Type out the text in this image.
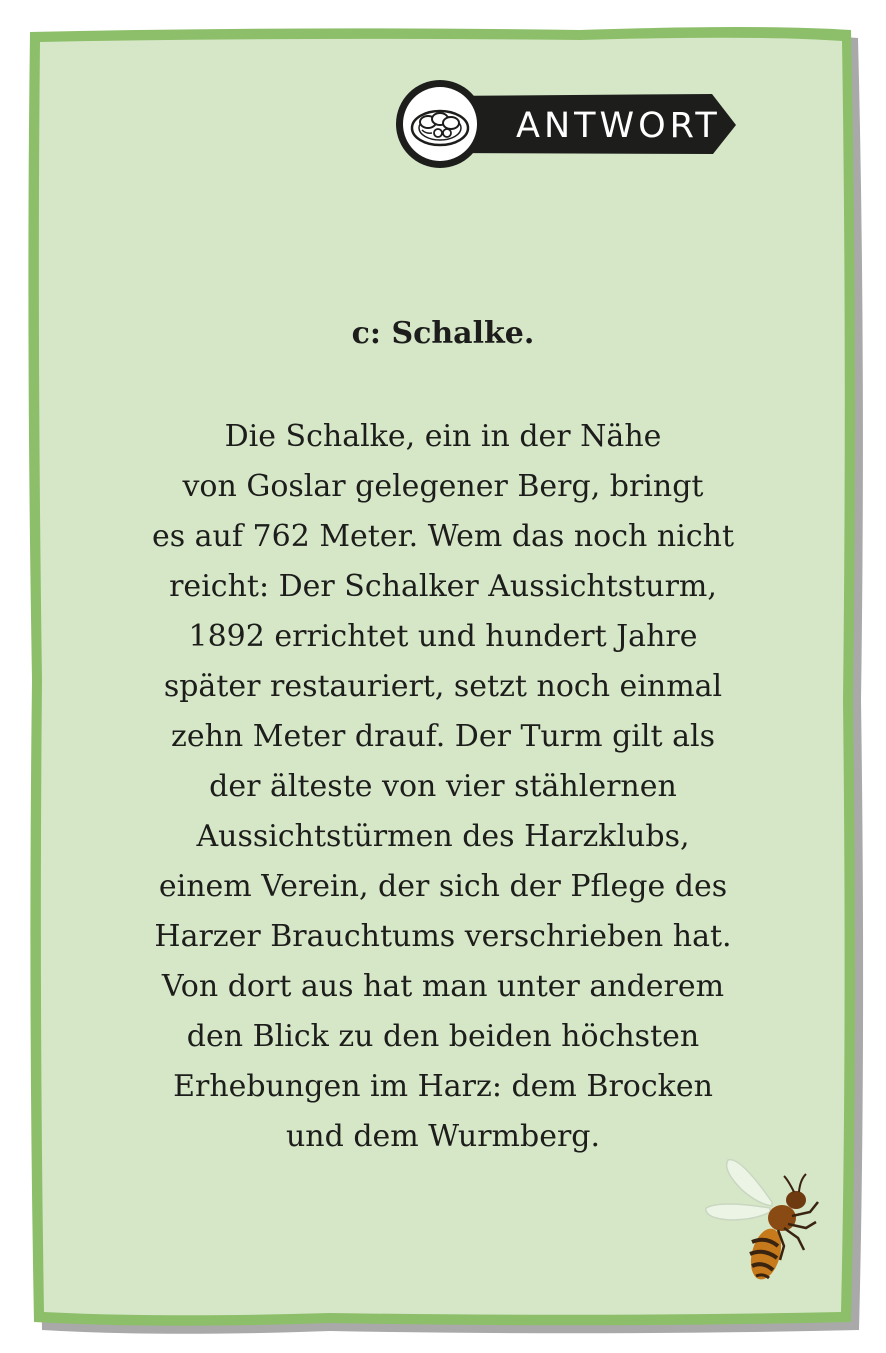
ANTWORT
c: Schalke.
Die Schalke, ein in der Nähe
von Goslar gelegener Berg, bringt
es auf 762 Meter. Wem das noch nicht
reicht: Der Schalker Aussichtsturm,
1892 errichtet und hundert Jahre
später restauriert, setzt noch einmal
zehn Meter drauf. Der Turm gilt als
der älteste von vier stählernen
Aussichtstürmen des Harzklubs,
einem Verein, der sich der Pflege des
Harzer Brauchtums verschrieben hat.
Von dort aus hat man unter anderem
den Blick zu den beiden höchsten
Erhebungen im Harz: dem Brocken
und dem Wurmberg.
